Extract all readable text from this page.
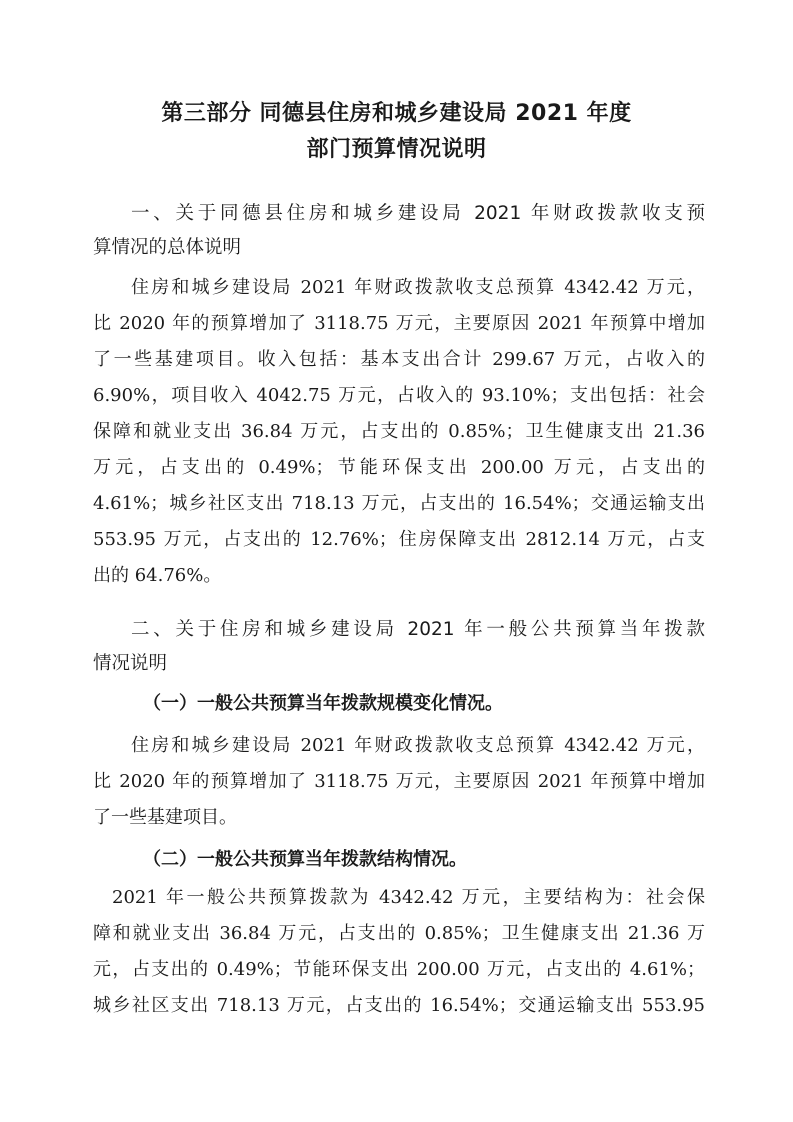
第三部分 同德县住房和城乡建设局 2021 年度
部门预算情况说明
一、关于同德县住房和城乡建设局 2021 年财政拨款收支预
算情况的总体说明
住房和城乡建设局 2021 年财政拨款收支总预算 4342.42 万元，
比 2020 年的预算增加了 3118.75 万元，主要原因 2021 年预算中增加
了一些基建项目。收入包括：基本支出合计 299.67 万元，占收入的
6.90%，项目收入 4042.75 万元，占收入的 93.10%；支出包括：社会
保障和就业支出 36.84 万元，占支出的 0.85%；卫生健康支出 21.36
万元，占支出的 0.49%；节能环保支出 200.00 万元，占支出的
4.61%；城乡社区支出 718.13 万元，占支出的 16.54%；交通运输支出
553.95 万元，占支出的 12.76%；住房保障支出 2812.14 万元，占支
出的 64.76%。
二、关于住房和城乡建设局 2021 年一般公共预算当年拨款
情况说明
（一）一般公共预算当年拨款规模变化情况。
住房和城乡建设局 2021 年财政拨款收支总预算 4342.42 万元，
比 2020 年的预算增加了 3118.75 万元，主要原因 2021 年预算中增加
了一些基建项目。
（二）一般公共预算当年拨款结构情况。
2021 年一般公共预算拨款为 4342.42 万元，主要结构为：社会保
障和就业支出 36.84 万元，占支出的 0.85%；卫生健康支出 21.36 万
元，占支出的 0.49%；节能环保支出 200.00 万元，占支出的 4.61%；
城乡社区支出 718.13 万元，占支出的 16.54%；交通运输支出 553.95
